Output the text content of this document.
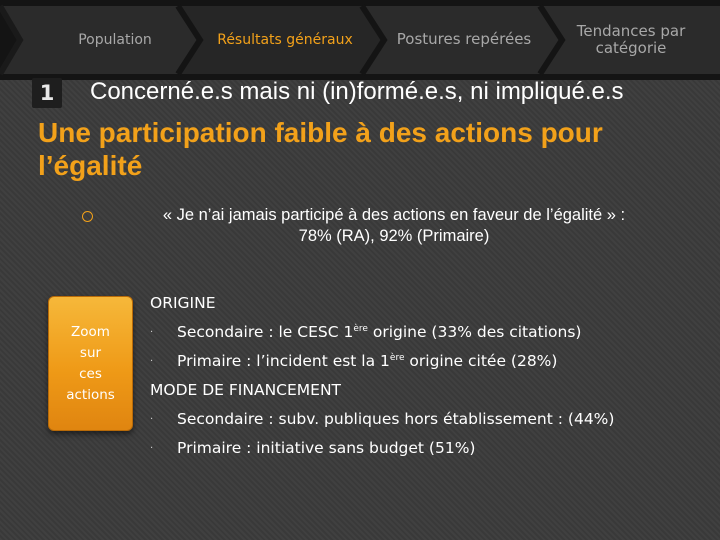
Population	Résultats généraux	Postures repérées	Tendances par
catégorie
1	Concerné.e.s mais ni (in)formé.e.s, ni impliqué.e.s
Une participation faible à des actions pour
l’égalité
« Je n’ai jamais participé à des actions en faveur de l’égalité » :
78% (RA), 92% (Primaire)
Zoom
sur
ces
actions
ORIGINE
· Secondaire : le CESC 1ère origine (33% des citations)
· Primaire : l’incident est la 1ère origine citée (28%)
MODE DE FINANCEMENT
· Secondaire : subv. publiques hors établissement : (44%)
· Primaire : initiative sans budget (51%)
